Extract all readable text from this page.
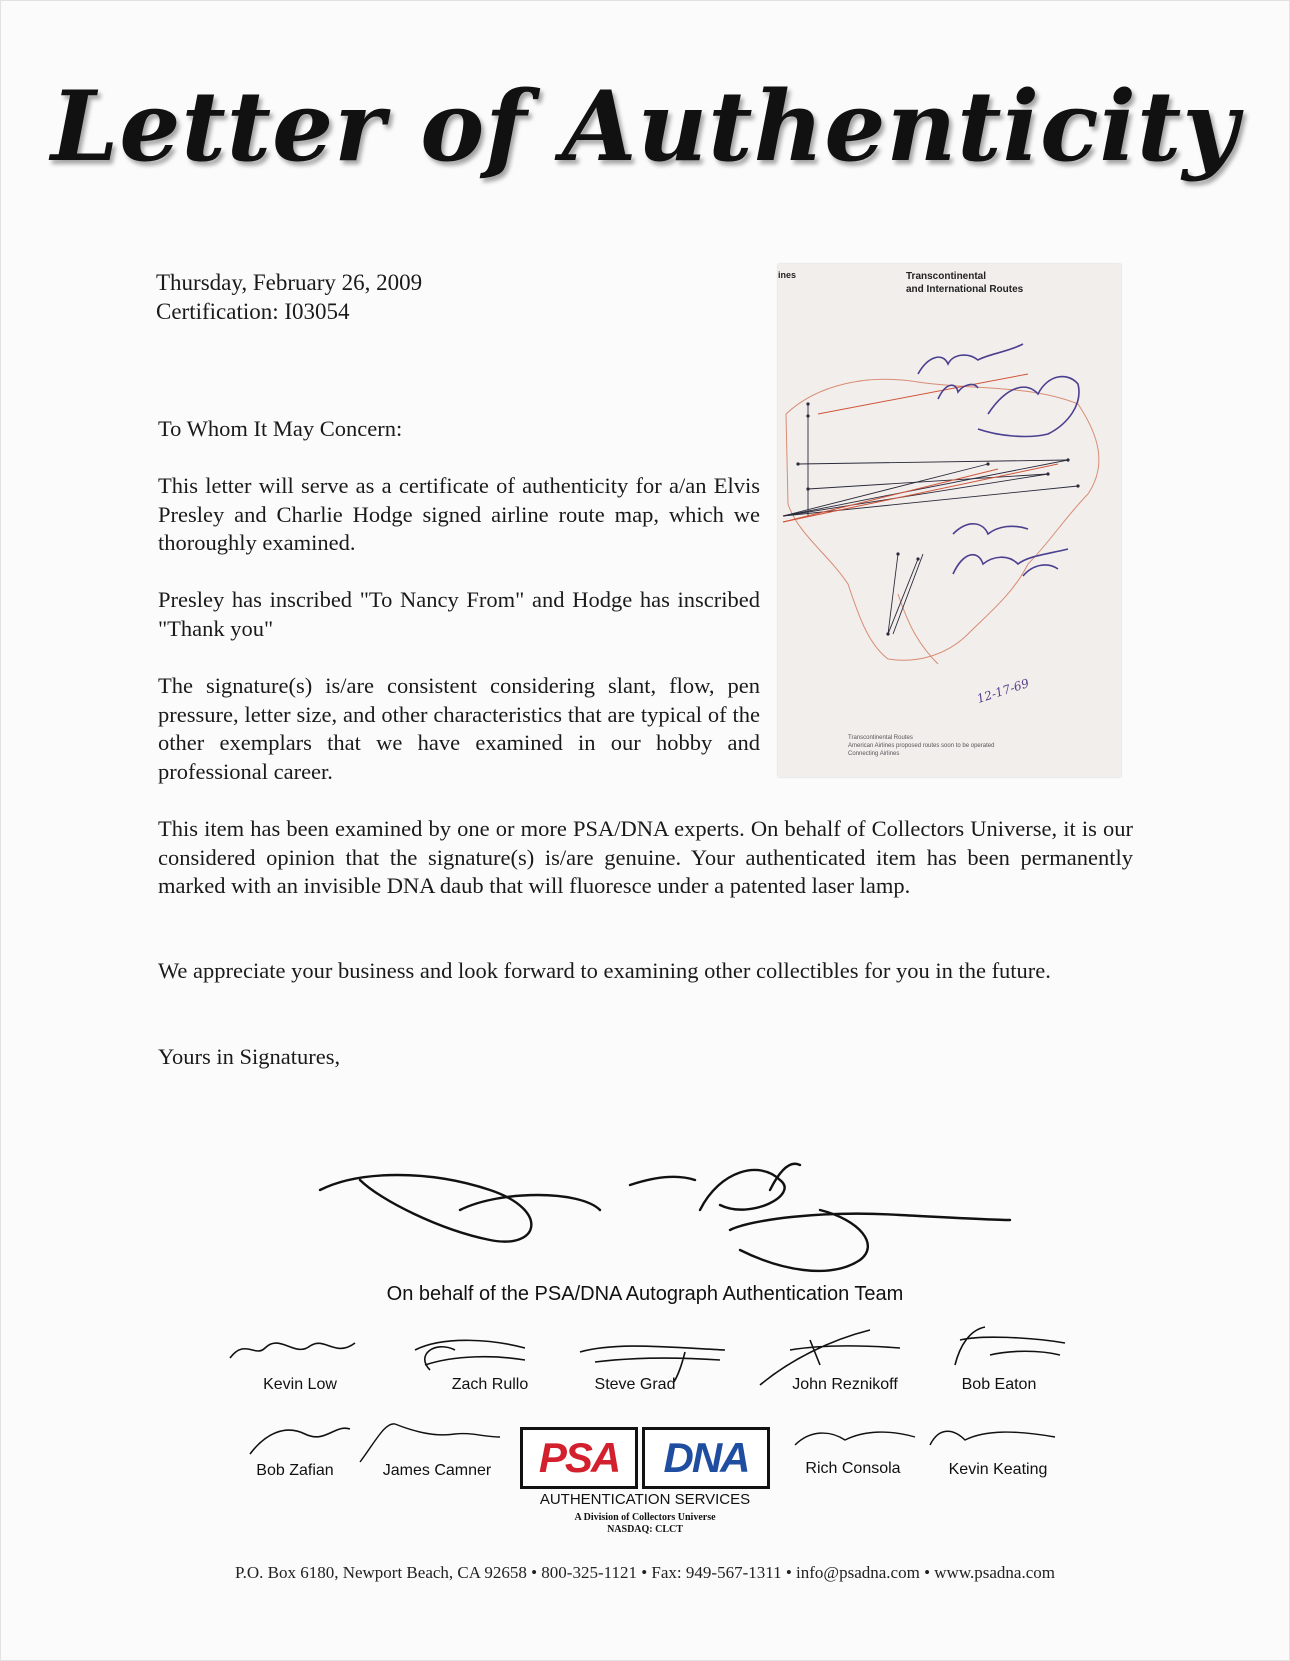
Letter of Authenticity
Thursday, February 26, 2009
Certification: I03054

To Whom It May Concern:

This letter will serve as a certificate of authenticity for a/an Elvis Presley and Charlie Hodge signed airline route map, which we thoroughly examined.

Presley has inscribed "To Nancy From" and Hodge has inscribed "Thank you"

The signature(s) is/are consistent considering slant, flow, pen pressure, letter size, and other characteristics that are typical of the other exemplars that we have examined in our hobby and professional career.

This item has been examined by one or more PSA/DNA experts. On behalf of Collectors Universe, it is our considered opinion that the signature(s) is/are genuine. Your authenticated item has been permanently marked with an invisible DNA daub that will fluoresce under a patented laser lamp.

We appreciate your business and look forward to examining other collectibles for you in the future.

Yours in Signatures,

ines	Transcontinental
and International Routes
12-17-69
Transcontinental Routes
American Airlines proposed routes soon to be operated
Connecting Airlines
On behalf of the PSA/DNA Autograph Authentication Team
Kevin Low	Zach Rullo	Steve Grad	John Reznikoff	Bob Eaton
Bob Zafian	James Camner	Rich Consola	Kevin Keating
PSA	DNA
AUTHENTICATION SERVICES
A Division of Collectors Universe
NASDAQ: CLCT
P.O. Box 6180, Newport Beach, CA 92658 • 800-325-1121 • Fax: 949-567-1311 • info@psadna.com • www.psadna.com
